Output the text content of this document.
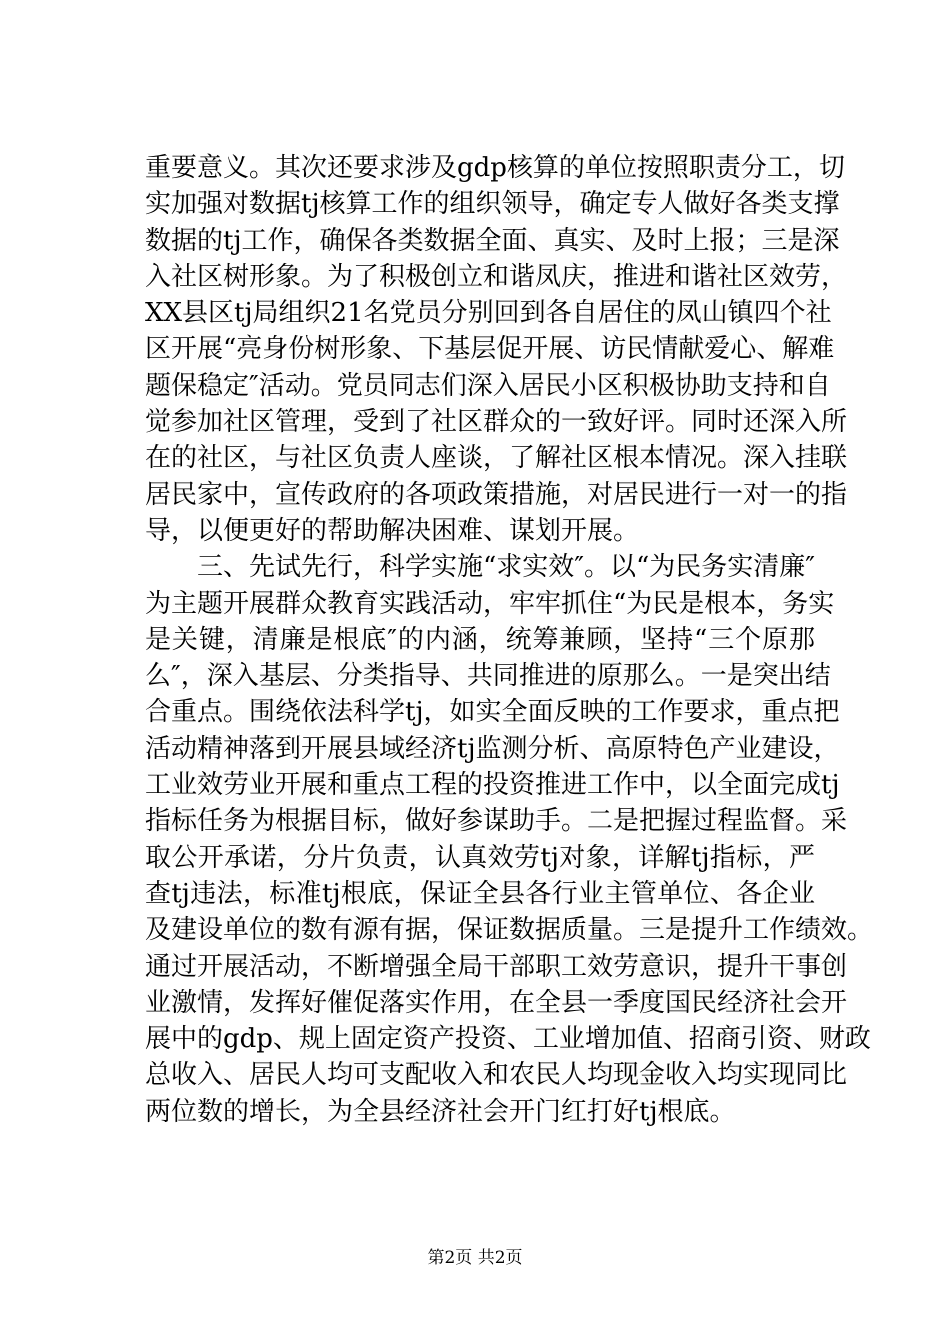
重要意义。其次还要求涉及gdp核算的单位按照职责分工，切
实加强对数据tj核算工作的组织领导，确定专人做好各类支撑
数据的tj工作，确保各类数据全面、真实、及时上报；三是深
入社区树形象。为了积极创立和谐凤庆，推进和谐社区效劳，
XX县区tj局组织21名党员分别回到各自居住的凤山镇四个社
区开展“亮身份树形象、下基层促开展、访民情献爱心、解难
题保稳定″活动。党员同志们深入居民小区积极协助支持和自
觉参加社区管理，受到了社区群众的一致好评。同时还深入所
在的社区，与社区负责人座谈，了解社区根本情况。深入挂联
居民家中，宣传政府的各项政策措施，对居民进行一对一的指
导，以便更好的帮助解决困难、谋划开展。
　　三、先试先行，科学实施“求实效″。以“为民务实清廉″
为主题开展群众教育实践活动，牢牢抓住“为民是根本，务实
是关键，清廉是根底″的内涵，统筹兼顾，坚持“三个原那
么″，深入基层、分类指导、共同推进的原那么。一是突出结
合重点。围绕依法科学tj，如实全面反映的工作要求，重点把
活动精神落到开展县域经济tj监测分析、高原特色产业建设，
工业效劳业开展和重点工程的投资推进工作中，以全面完成tj
指标任务为根据目标，做好参谋助手。二是把握过程监督。采
取公开承诺，分片负责，认真效劳tj对象，详解tj指标，严
查tj违法，标准tj根底，保证全县各行业主管单位、各企业
及建设单位的数有源有据，保证数据质量。三是提升工作绩效。
通过开展活动，不断增强全局干部职工效劳意识，提升干事创
业激情，发挥好催促落实作用，在全县一季度国民经济社会开
展中的gdp、规上固定资产投资、工业增加值、招商引资、财政
总收入、居民人均可支配收入和农民人均现金收入均实现同比
两位数的增长，为全县经济社会开门红打好tj根底。
第2页 共2页
